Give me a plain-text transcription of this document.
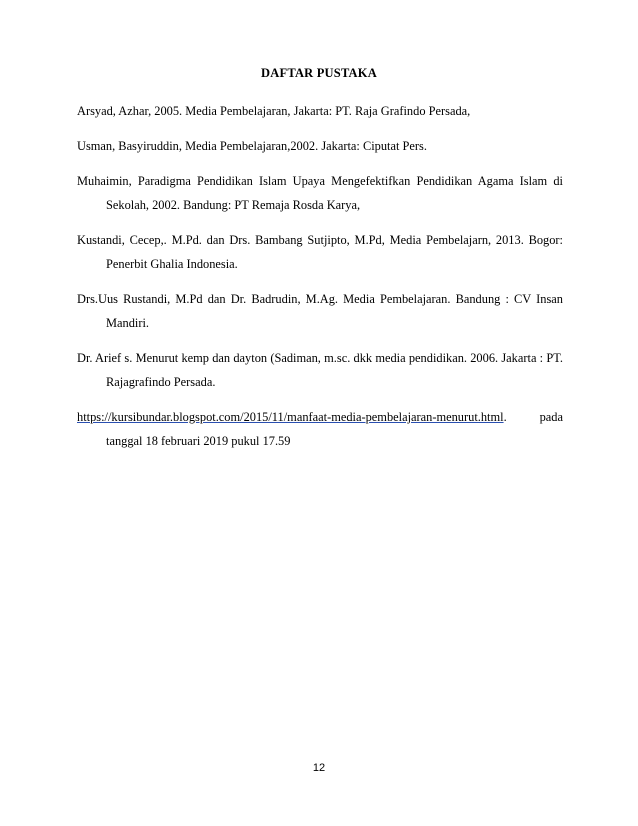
DAFTAR PUSTAKA

Arsyad, Azhar, 2005. Media Pembelajaran, Jakarta: PT. Raja Grafindo Persada,

Usman, Basyiruddin, Media Pembelajaran,2002. Jakarta: Ciputat Pers.

Muhaimin, Paradigma Pendidikan Islam Upaya Mengefektifkan Pendidikan Agama Islam di Sekolah, 2002. Bandung: PT Remaja Rosda Karya,

Kustandi, Cecep,. M.Pd. dan Drs. Bambang Sutjipto, M.Pd, Media Pembelajarn, 2013. Bogor: Penerbit Ghalia Indonesia.

Drs.Uus Rustandi, M.Pd dan Dr. Badrudin, M.Ag. Media Pembelajaran. Bandung : CV Insan Mandiri.

Dr. Arief s. Menurut kemp dan dayton (Sadiman, m.sc. dkk media pendidikan. 2006. Jakarta : PT. Rajagrafindo Persada.

https://kursibundar.blogspot.com/2015/11/manfaat-media-pembelajaran-menurut.html.	pada
tanggal 18 februari 2019 pukul 17.59
12
